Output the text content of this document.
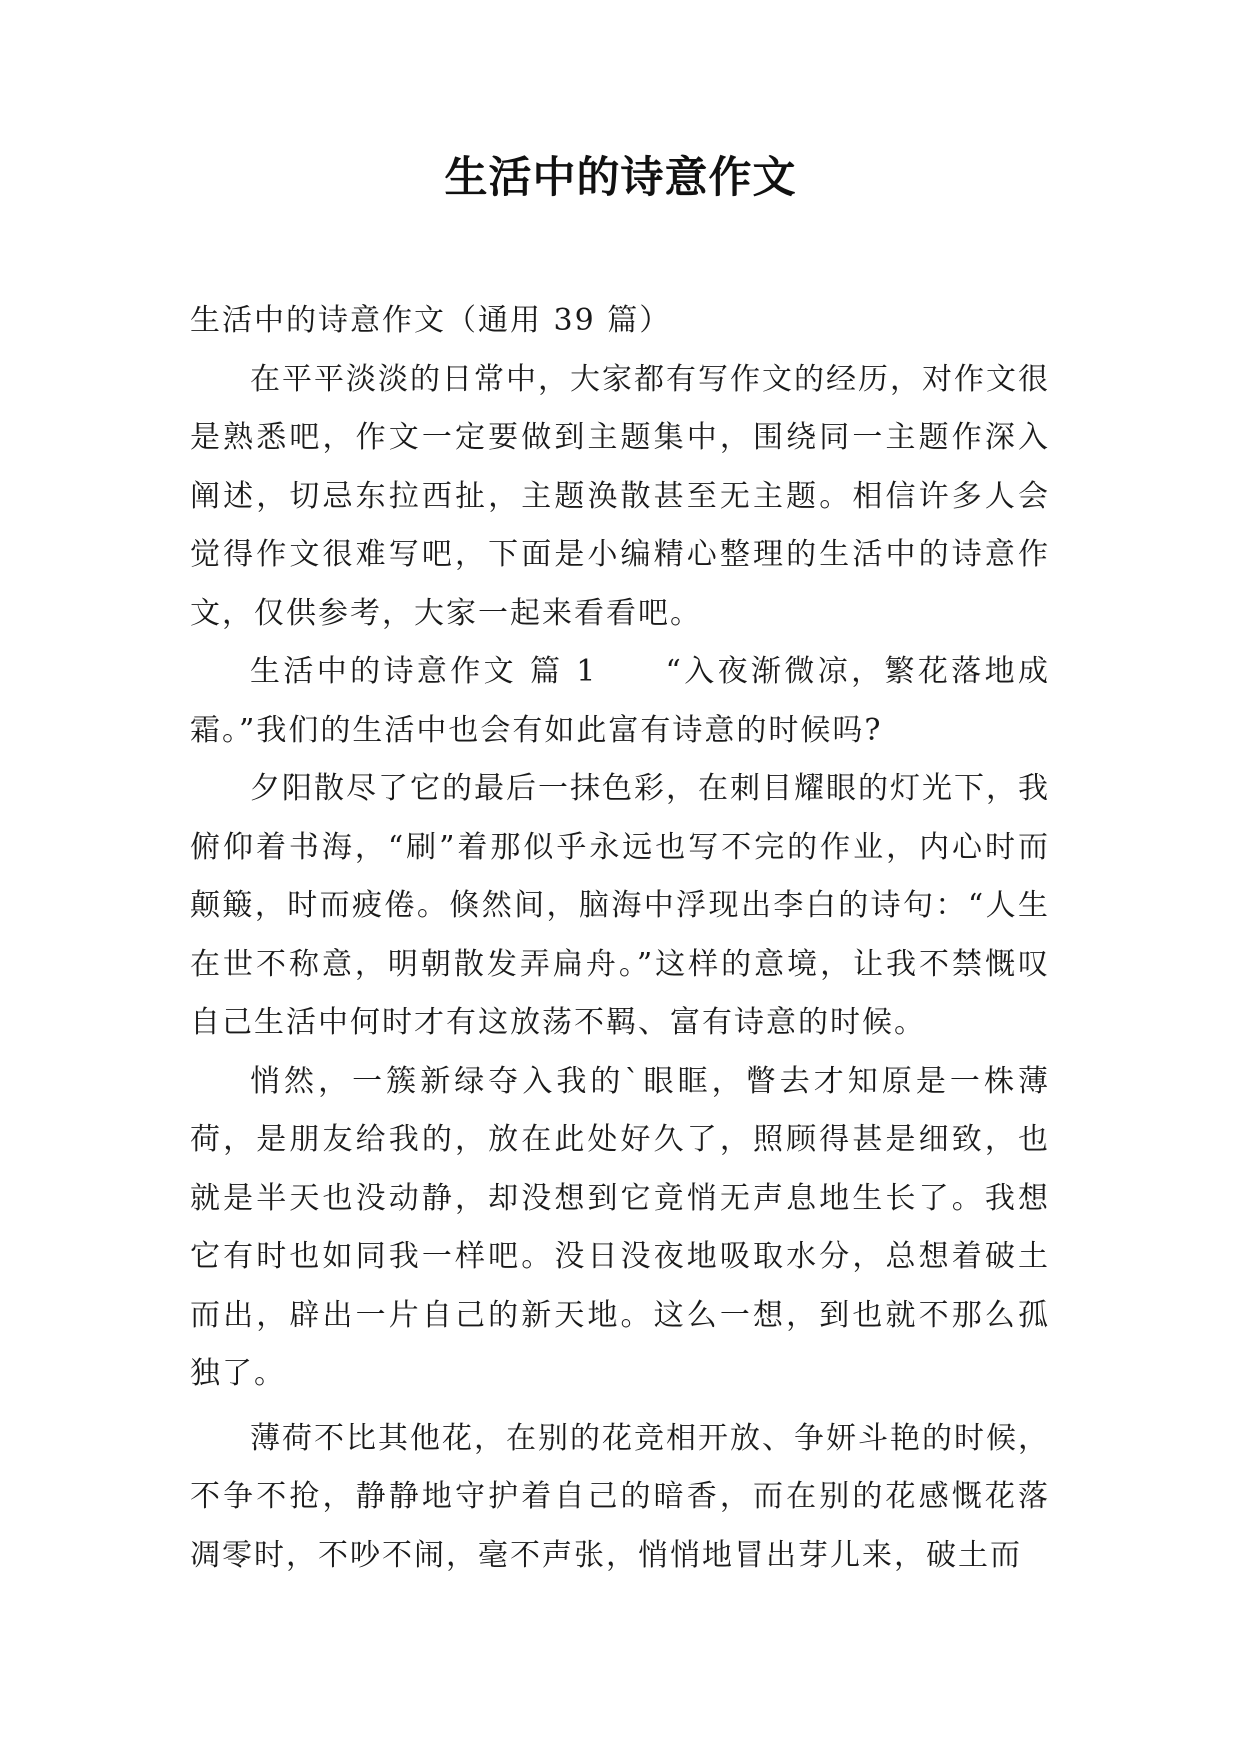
生活中的诗意作文

生活中的诗意作文（通用 39 篇）

在平平淡淡的日常中，大家都有写作文的经历，对作文很是熟悉吧，作文一定要做到主题集中，围绕同一主题作深入阐述，切忌东拉西扯，主题涣散甚至无主题。相信许多人会觉得作文很难写吧，下面是小编精心整理的生活中的诗意作文，仅供参考，大家一起来看看吧。

生活中的诗意作文 篇 1　　“入夜渐微凉，繁花落地成霜。”我们的生活中也会有如此富有诗意的时候吗?

夕阳散尽了它的最后一抹色彩，在刺目耀眼的灯光下，我俯仰着书海，“刷”着那似乎永远也写不完的作业，内心时而颠簸，时而疲倦。倏然间，脑海中浮现出李白的诗句：“人生在世不称意，明朝散发弄扁舟。”这样的意境，让我不禁慨叹自己生活中何时才有这放荡不羁、富有诗意的时候。

悄然，一簇新绿夺入我的`眼眶，瞥去才知原是一株薄荷，是朋友给我的，放在此处好久了，照顾得甚是细致，也就是半天也没动静，却没想到它竟悄无声息地生长了。我想它有时也如同我一样吧。没日没夜地吸取水分，总想着破土而出，辟出一片自己的新天地。这么一想，到也就不那么孤独了。

薄荷不比其他花，在别的花竞相开放、争妍斗艳的时候，不争不抢，静静地守护着自己的暗香，而在别的花感慨花落凋零时，不吵不闹，毫不声张，悄悄地冒出芽儿来，破土而
